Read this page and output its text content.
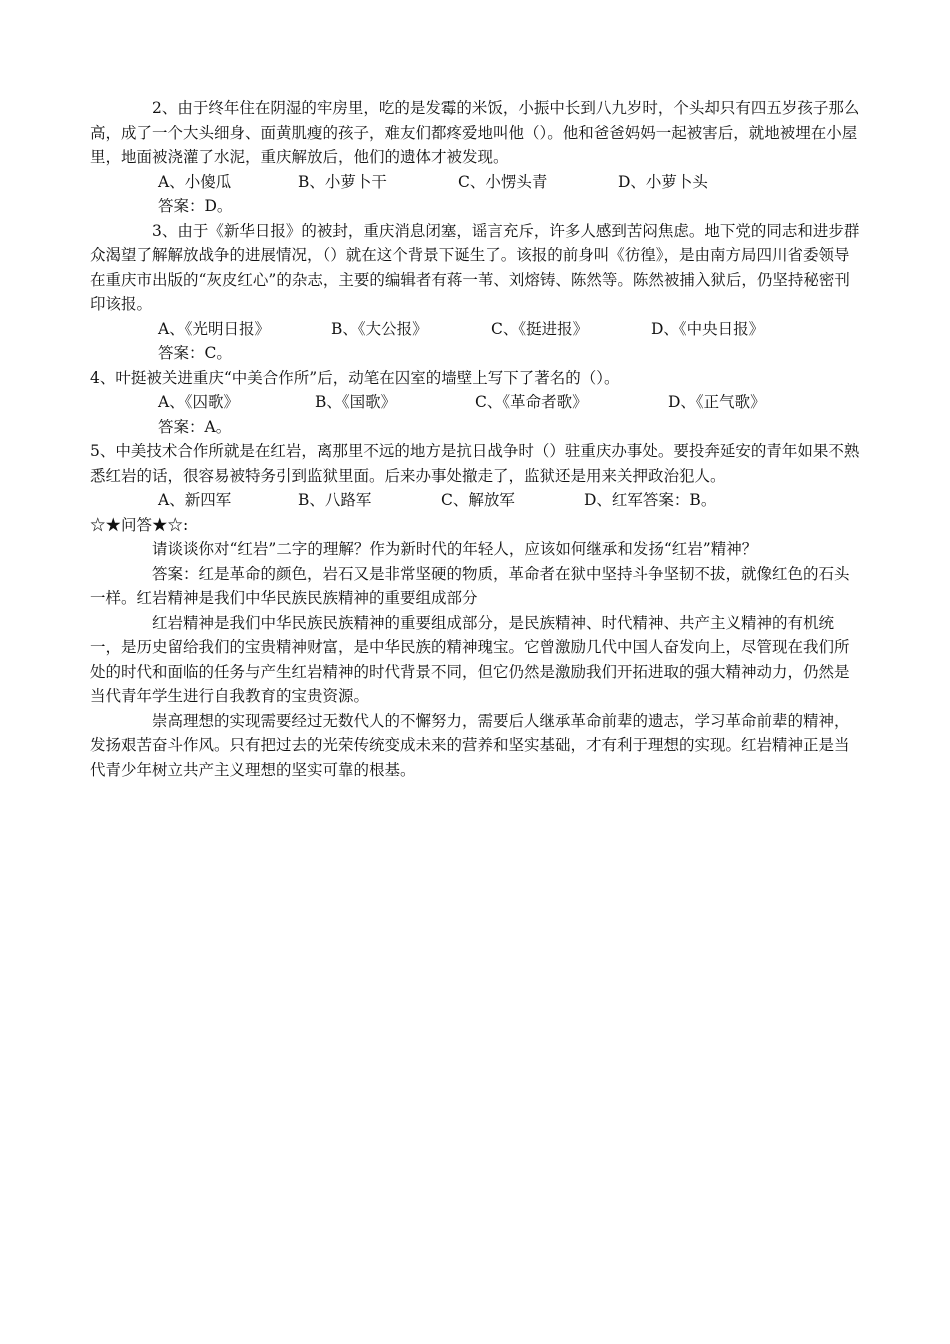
2、由于终年住在阴湿的牢房里，吃的是发霉的米饭，小振中长到八九岁时，个头却只有四五岁孩子那么高，成了一个大头细身、面黄肌瘦的孩子，难友们都疼爱地叫他（）。他和爸爸妈妈一起被害后，就地被埋在小屋里，地面被浇灌了水泥，重庆解放后，他们的遗体才被发现。

A、小傻瓜	B、小萝卜干	C、小愣头青	D、小萝卜头

答案：D。

3、由于《新华日报》的被封，重庆消息闭塞，谣言充斥，许多人感到苦闷焦虑。地下党的同志和进步群众渴望了解解放战争的进展情况，（）就在这个背景下诞生了。该报的前身叫《彷徨》，是由南方局四川省委领导在重庆市出版的“灰皮红心”的杂志，主要的编辑者有蒋一苇、刘熔铸、陈然等。陈然被捕入狱后，仍坚持秘密刊印该报。

A、《光明日报》	B、《大公报》	C、《挺进报》	D、《中央日报》

答案：C。

4、叶挺被关进重庆“中美合作所”后，动笔在囚室的墙壁上写下了著名的（）。

A、《囚歌》	B、《国歌》	C、《革命者歌》	D、《正气歌》

答案：A。

5、中美技术合作所就是在红岩，离那里不远的地方是抗日战争时（）驻重庆办事处。要投奔延安的青年如果不熟悉红岩的话，很容易被特务引到监狱里面。后来办事处撤走了，监狱还是用来关押政治犯人。

A、新四军	B、八路军	C、解放军	D、红军答案：B。

☆★问答★☆:

请谈谈你对“红岩”二字的理解？作为新时代的年轻人，应该如何继承和发扬“红岩”精神？

答案：红是革命的颜色，岩石又是非常坚硬的物质，革命者在狱中坚持斗争坚韧不拔，就像红色的石头一样。红岩精神是我们中华民族民族精神的重要组成部分

红岩精神是我们中华民族民族精神的重要组成部分，是民族精神、时代精神、共产主义精神的有机统一，是历史留给我们的宝贵精神财富，是中华民族的精神瑰宝。它曾激励几代中国人奋发向上，尽管现在我们所处的时代和面临的任务与产生红岩精神的时代背景不同，但它仍然是激励我们开拓进取的强大精神动力，仍然是当代青年学生进行自我教育的宝贵资源。

崇高理想的实现需要经过无数代人的不懈努力，需要后人继承革命前辈的遗志，学习革命前辈的精神，发扬艰苦奋斗作风。只有把过去的光荣传统变成未来的营养和坚实基础，才有利于理想的实现。红岩精神正是当代青少年树立共产主义理想的坚实可靠的根基。
